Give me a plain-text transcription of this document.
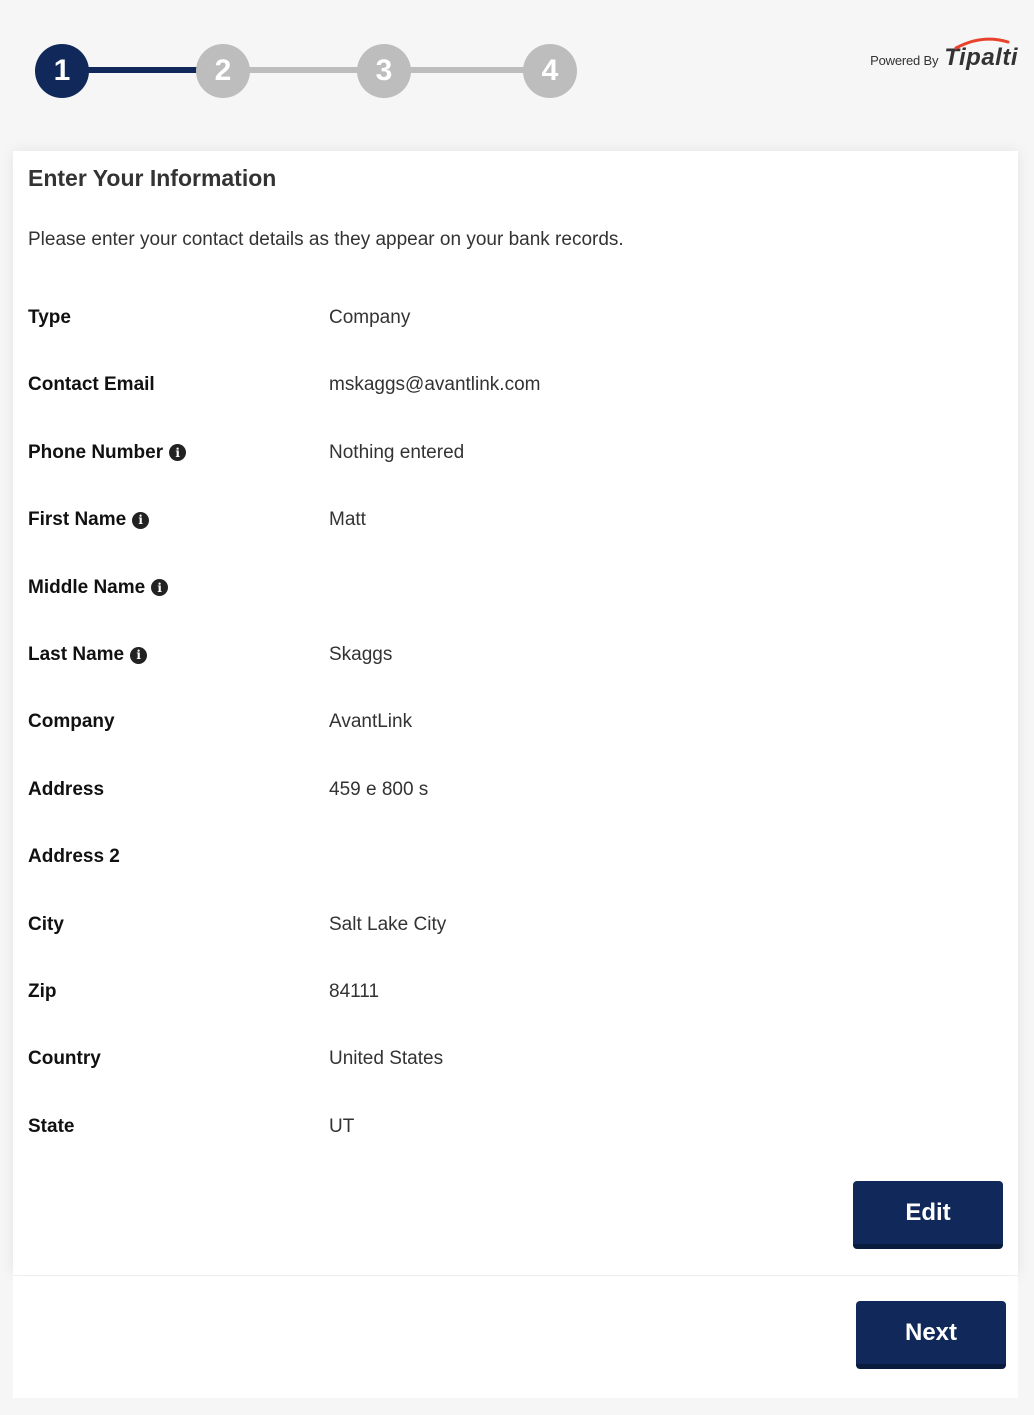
1	2	3	4	Powered By Tipalti
Enter Your Information
Please enter your contact details as they appear on your bank records.
Type	Company
Contact Email	mskaggs@avantlink.com
Phone Number	i	Nothing entered
First Name	i	Matt
Middle Name	i
Last Name	i	Skaggs
Company	AvantLink
Address	459 e 800 s
Address 2
City	Salt Lake City
Zip	84111
Country	United States
State	UT
Edit
Next
